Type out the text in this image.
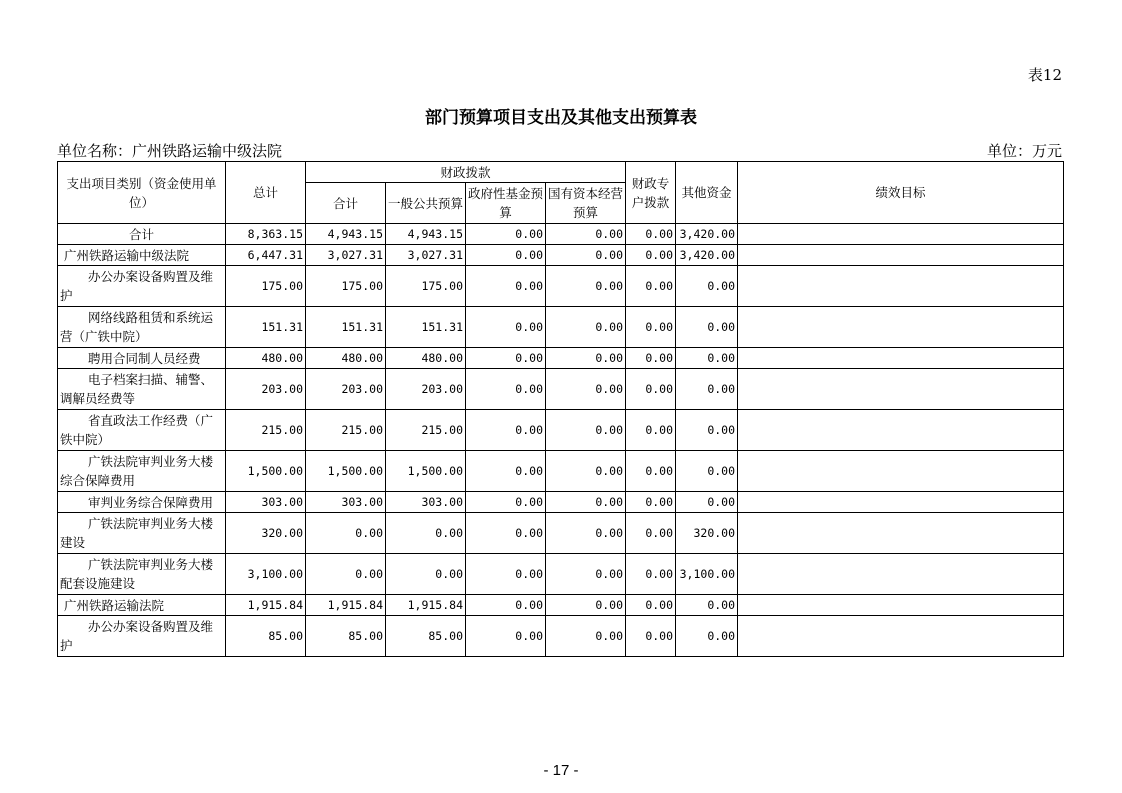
表12
部门预算项目支出及其他支出预算表
单位名称：广州铁路运输中级法院	单位：万元
支出项目类别（资金使用单位）	总计	财政拨款				财政专户拨款	其他资金	绩效目标
		合计	一般公共预算	政府性基金预算	国有资本经营预算			
合计	8,363.15	4,943.15	4,943.15	0.00	0.00	0.00	3,420.00	
广州铁路运输中级法院	6,447.31	3,027.31	3,027.31	0.00	0.00	0.00	3,420.00	
办公办案设备购置及维护	175.00	175.00	175.00	0.00	0.00	0.00	0.00	
网络线路租赁和系统运营（广铁中院）	151.31	151.31	151.31	0.00	0.00	0.00	0.00	
聘用合同制人员经费	480.00	480.00	480.00	0.00	0.00	0.00	0.00	
电子档案扫描、辅警、调解员经费等	203.00	203.00	203.00	0.00	0.00	0.00	0.00	
省直政法工作经费（广铁中院）	215.00	215.00	215.00	0.00	0.00	0.00	0.00	
广铁法院审判业务大楼综合保障费用	1,500.00	1,500.00	1,500.00	0.00	0.00	0.00	0.00	
审判业务综合保障费用	303.00	303.00	303.00	0.00	0.00	0.00	0.00	
广铁法院审判业务大楼建设	320.00	0.00	0.00	0.00	0.00	0.00	320.00	
广铁法院审判业务大楼配套设施建设	3,100.00	0.00	0.00	0.00	0.00	0.00	3,100.00	
广州铁路运输法院	1,915.84	1,915.84	1,915.84	0.00	0.00	0.00	0.00	
办公办案设备购置及维护	85.00	85.00	85.00	0.00	0.00	0.00	0.00	
- 17 -
